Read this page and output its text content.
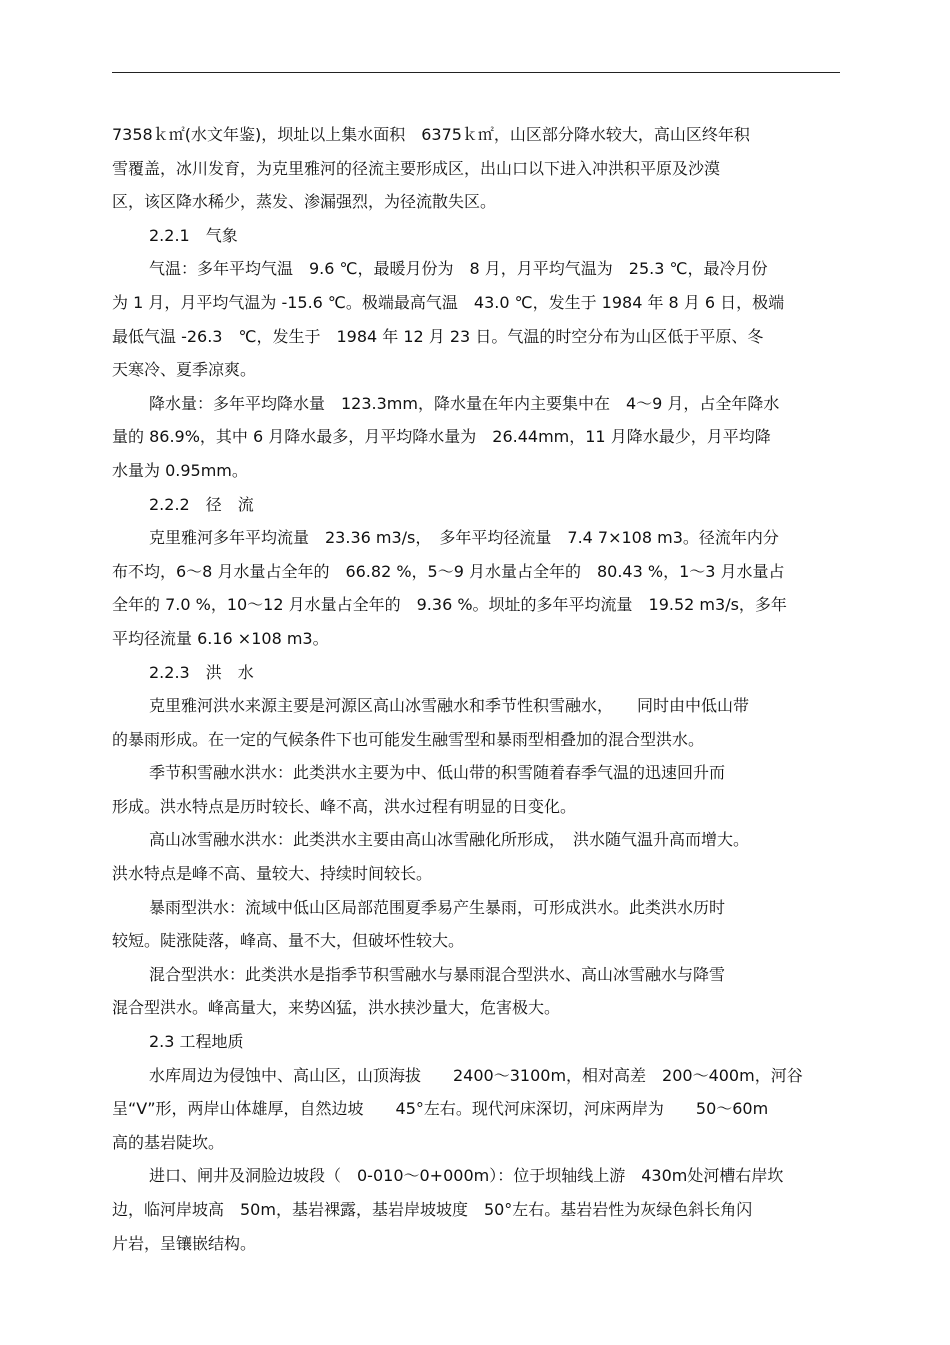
7358ｋ㎡(水文年鉴)，坝址以上集水面积　6375ｋ㎡，山区部分降水较大，高山区终年积
雪覆盖，冰川发育，为克里雅河的径流主要形成区，出山口以下进入冲洪积平原及沙漠
区，该区降水稀少，蒸发、渗漏强烈，为径流散失区。
2.2.1　气象
气温：多年平均气温　9.6 ℃，最暖月份为　8 月，月平均气温为　25.3 ℃，最冷月份
为 1 月，月平均气温为 -15.6 ℃。极端最高气温　43.0 ℃，发生于 1984 年 8 月 6 日，极端
最低气温 -26.3　℃，发生于　1984 年 12 月 23 日。气温的时空分布为山区低于平原、冬
天寒冷、夏季凉爽。
降水量：多年平均降水量　123.3mm，降水量在年内主要集中在　4～9 月，占全年降水
量的 86.9%，其中 6 月降水最多，月平均降水量为　26.44mm，11 月降水最少，月平均降
水量为 0.95mm。
2.2.2　径　流
克里雅河多年平均流量　23.36 m3/s，　多年平均径流量　7.4 7×108 m3。径流年内分
布不均，6～8 月水量占全年的　66.82 %，5～9 月水量占全年的　80.43 %，1～3 月水量占
全年的 7.0 %，10～12 月水量占全年的　9.36 %。坝址的多年平均流量　19.52 m3/s，多年
平均径流量 6.16 ×108 m3。
2.2.3　洪　水
克里雅河洪水来源主要是河源区高山冰雪融水和季节性积雪融水，　　同时由中低山带
的暴雨形成。在一定的气候条件下也可能发生融雪型和暴雨型相叠加的混合型洪水。
季节积雪融水洪水：此类洪水主要为中、低山带的积雪随着春季气温的迅速回升而
形成。洪水特点是历时较长、峰不高，洪水过程有明显的日变化。
高山冰雪融水洪水：此类洪水主要由高山冰雪融化所形成，　洪水随气温升高而增大。
洪水特点是峰不高、量较大、持续时间较长。
暴雨型洪水：流域中低山区局部范围夏季易产生暴雨，可形成洪水。此类洪水历时
较短。陡涨陡落，峰高、量不大，但破坏性较大。
混合型洪水：此类洪水是指季节积雪融水与暴雨混合型洪水、高山冰雪融水与降雪
混合型洪水。峰高量大，来势凶猛，洪水挟沙量大，危害极大。
2.3 工程地质
水库周边为侵蚀中、高山区，山顶海拔　　2400～3100m，相对高差　200～400m，河谷
呈“V”形，两岸山体雄厚，自然边坡　　45°左右。现代河床深切，河床两岸为　　50～60m
高的基岩陡坎。
进口、闸井及洞脸边坡段（　0-010～0+000m）：位于坝轴线上游　430m处河槽右岸坎
边，临河岸坡高　50m，基岩裸露，基岩岸坡坡度　50°左右。基岩岩性为灰绿色斜长角闪
片岩，呈镶嵌结构。
